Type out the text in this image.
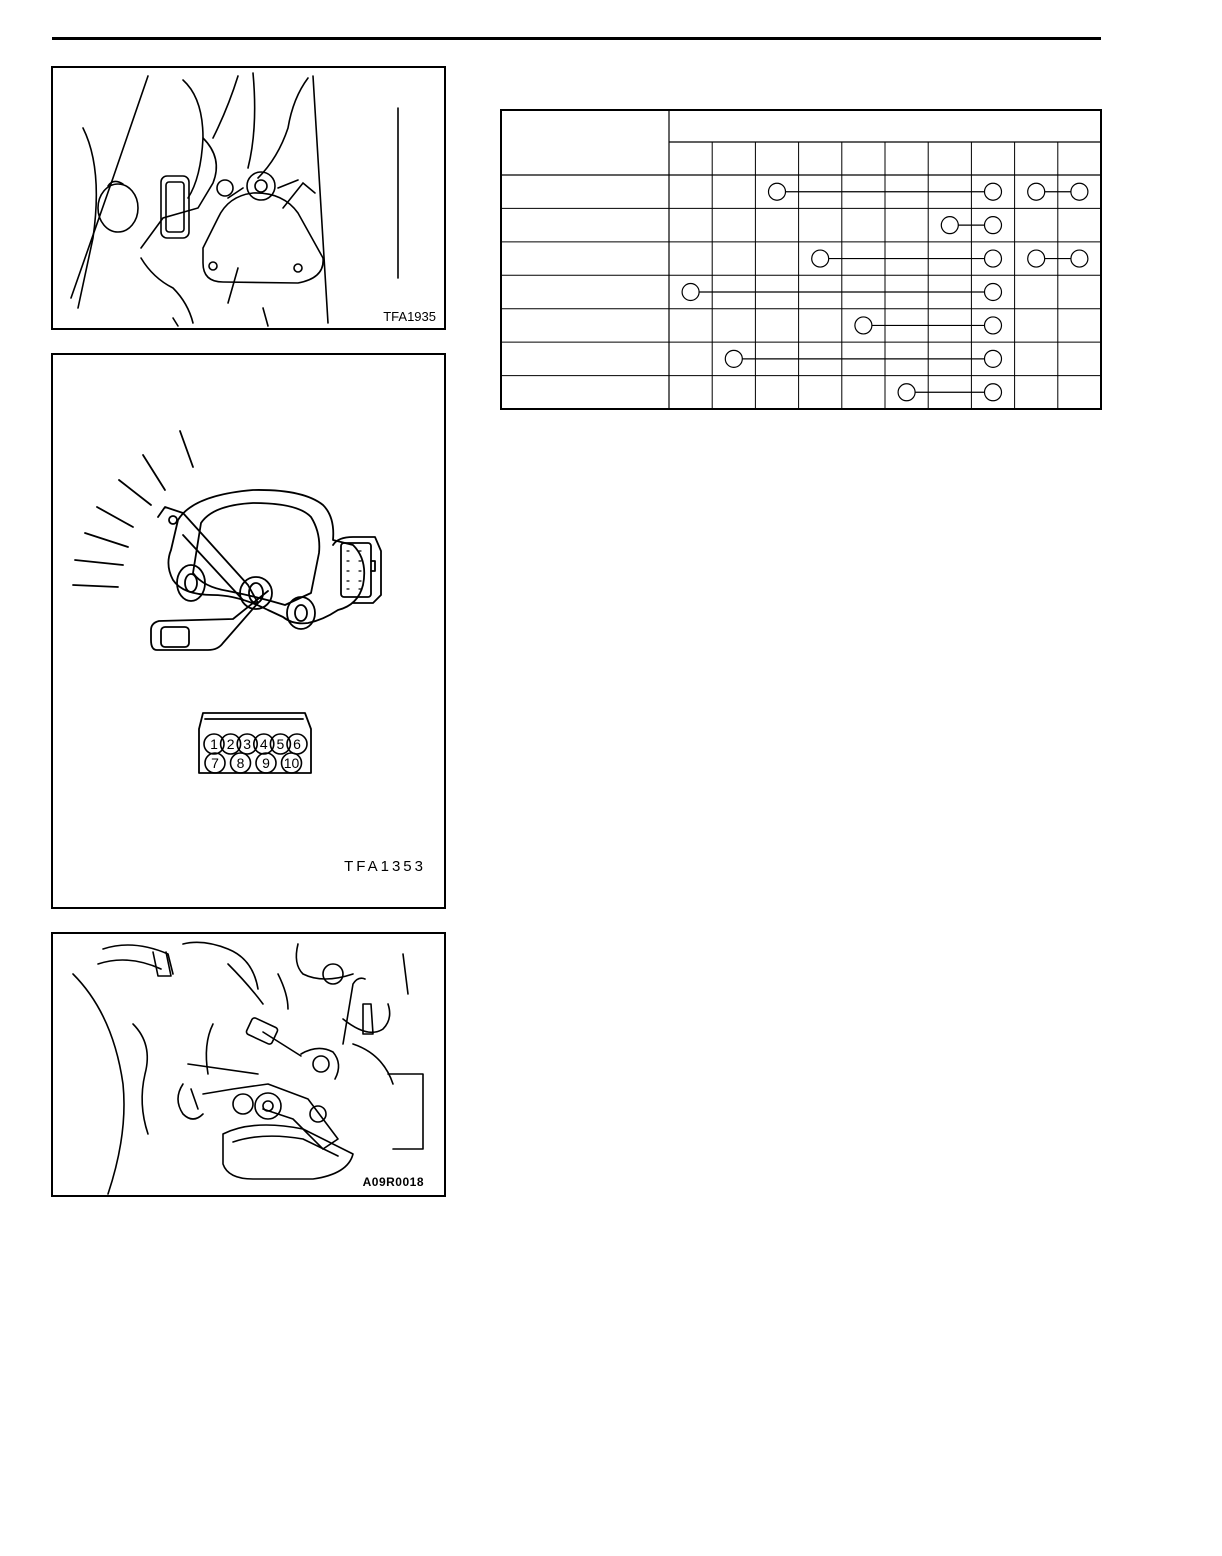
TFA1935
1 2 3 4 5 6
7 8 9 10
TFA1353
A09R0018
